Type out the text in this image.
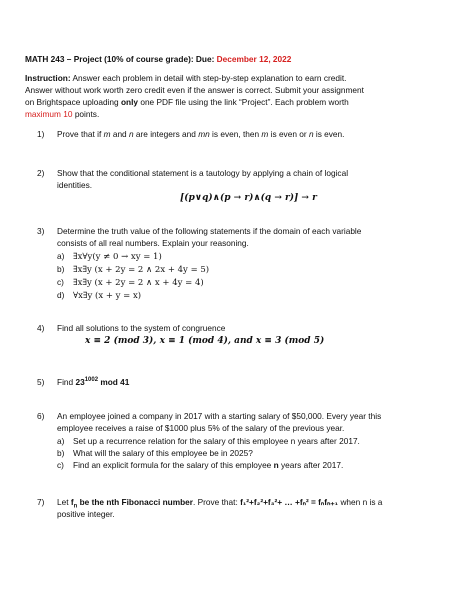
MATH 243 – Project (10% of course grade): Due: December 12, 2022
Instruction: Answer each problem in detail with step-by-step explanation to earn credit.
Answer without work worth zero credit even if the answer is correct. Submit your assignment
on Brightspace uploading only one PDF file using the link “Project”. Each problem worth
maximum 10 points.
1) Prove that if m and n are integers and mn is even, then m is even or n is even.
2) Show that the conditional statement is a tautology by applying a chain of logical
identities.
[(p∨q)∧(p → r)∧(q → r)] → r
3) Determine the truth value of the following statements if the domain of each variable
consists of all real numbers. Explain your reasoning.
a) ∃x∀y(y ≠ 0 → xy = 1)
b) ∃x∃y (x + 2y = 2 ∧ 2x + 4y = 5)
c) ∃x∃y (x + 2y = 2 ∧ x + 4y = 4)
d) ∀x∃y (x + y = x)
4) Find all solutions to the system of congruence
x ≡ 2 (mod 3), x ≡ 1 (mod 4), and x ≡ 3 (mod 5)
5) Find $23^{1002}$ mod 41
6) An employee joined a company in 2017 with a starting salary of $50,000. Every year this
employee receives a raise of $1000 plus 5% of the salary of the previous year.
a) Set up a recurrence relation for the salary of this employee n years after 2017.
b) What will the salary of this employee be in 2025?
c) Find an explicit formula for the salary of this employee n years after 2017.
7) Let $f_n$ be the nth Fibonacci number. Prove that: f₁²+f₂²+f₃²+ … +fₙ² = fₙfₙ₊₁ when n is a
positive integer.
